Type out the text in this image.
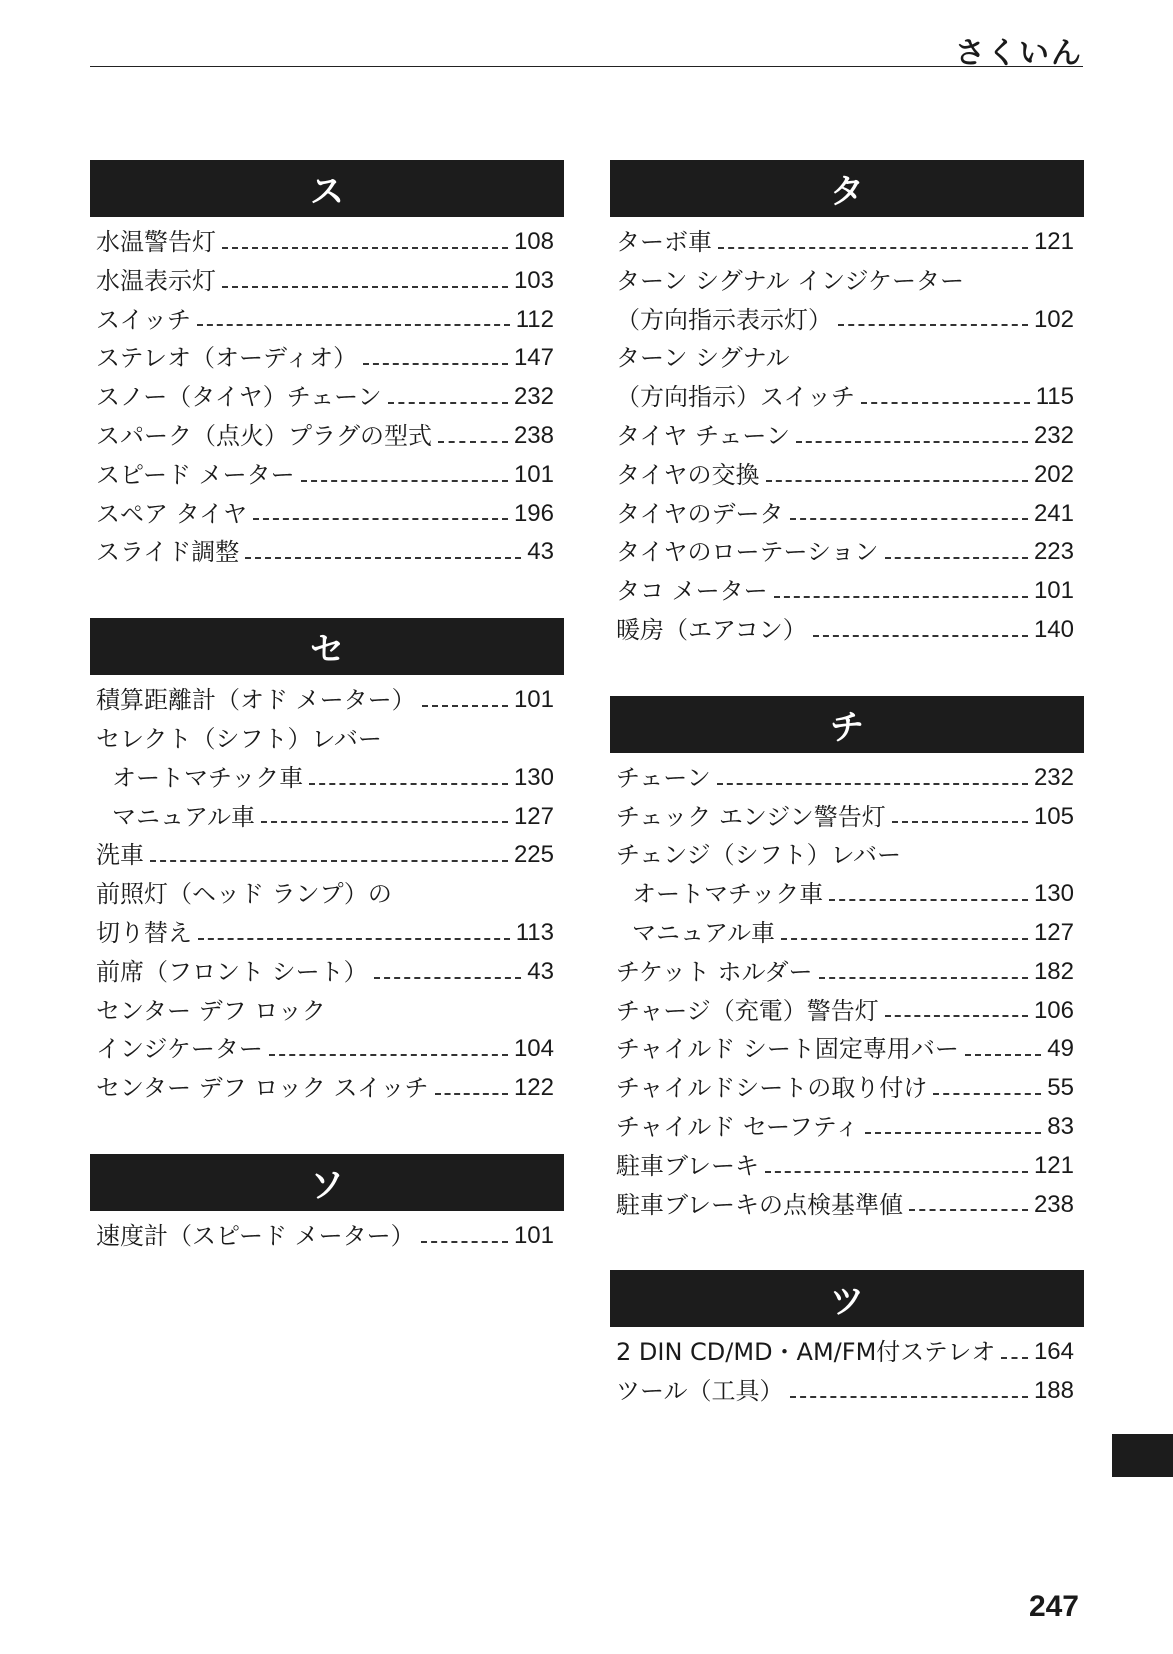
さくいん
ス
水温警告灯	108
水温表示灯	103
スイッチ	112
ステレオ（オーディオ）	147
スノー（タイヤ）チェーン	232
スパーク（点火）プラグの型式	238
スピード メーター	101
スペア タイヤ	196
スライド調整	43
セ
積算距離計（オド メーター）	101
セレクト（シフト）レバー
オートマチック車	130
マニュアル車	127
洗車	225
前照灯（ヘッド ランプ）の
切り替え	113
前席（フロント シート）	43
センター デフ ロック
インジケーター	104
センター デフ ロック スイッチ	122
ソ
速度計（スピード メーター）	101
タ
ターボ車	121
ターン シグナル インジケーター
（方向指示表示灯）	102
ターン シグナル
（方向指示）スイッチ	115
タイヤ チェーン	232
タイヤの交換	202
タイヤのデータ	241
タイヤのローテーション	223
タコ メーター	101
暖房（エアコン）	140
チ
チェーン	232
チェック エンジン警告灯	105
チェンジ（シフト）レバー
オートマチック車	130
マニュアル車	127
チケット ホルダー	182
チャージ（充電）警告灯	106
チャイルド シート固定専用バー	49
チャイルドシートの取り付け	55
チャイルド セーフティ	83
駐車ブレーキ	121
駐車ブレーキの点検基準値	238
ツ
2 DIN CD/MD・AM/FM付ステレオ 164
ツール（工具）	188
247
